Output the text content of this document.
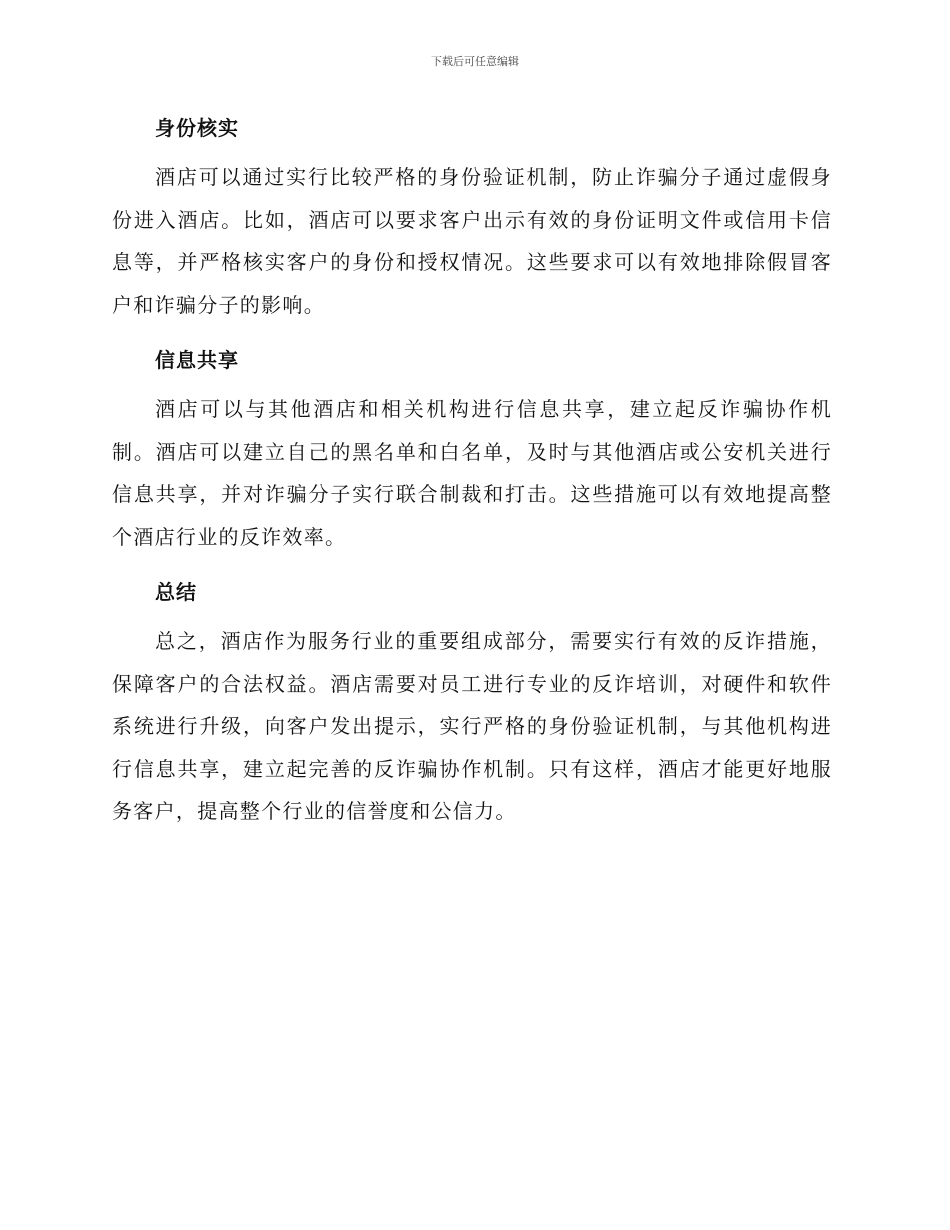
下载后可任意编辑
身份核实

酒店可以通过实行比较严格的身份验证机制，防止诈骗分子通过虚假身份进入酒店。比如，酒店可以要求客户出示有效的身份证明文件或信用卡信息等，并严格核实客户的身份和授权情况。这些要求可以有效地排除假冒客户和诈骗分子的影响。

信息共享

酒店可以与其他酒店和相关机构进行信息共享，建立起反诈骗协作机制。酒店可以建立自己的黑名单和白名单，及时与其他酒店或公安机关进行信息共享，并对诈骗分子实行联合制裁和打击。这些措施可以有效地提高整个酒店行业的反诈效率。

总结

总之，酒店作为服务行业的重要组成部分，需要实行有效的反诈措施，保障客户的合法权益。酒店需要对员工进行专业的反诈培训，对硬件和软件系统进行升级，向客户发出提示，实行严格的身份验证机制，与其他机构进行信息共享，建立起完善的反诈骗协作机制。只有这样，酒店才能更好地服务客户，提高整个行业的信誉度和公信力。
